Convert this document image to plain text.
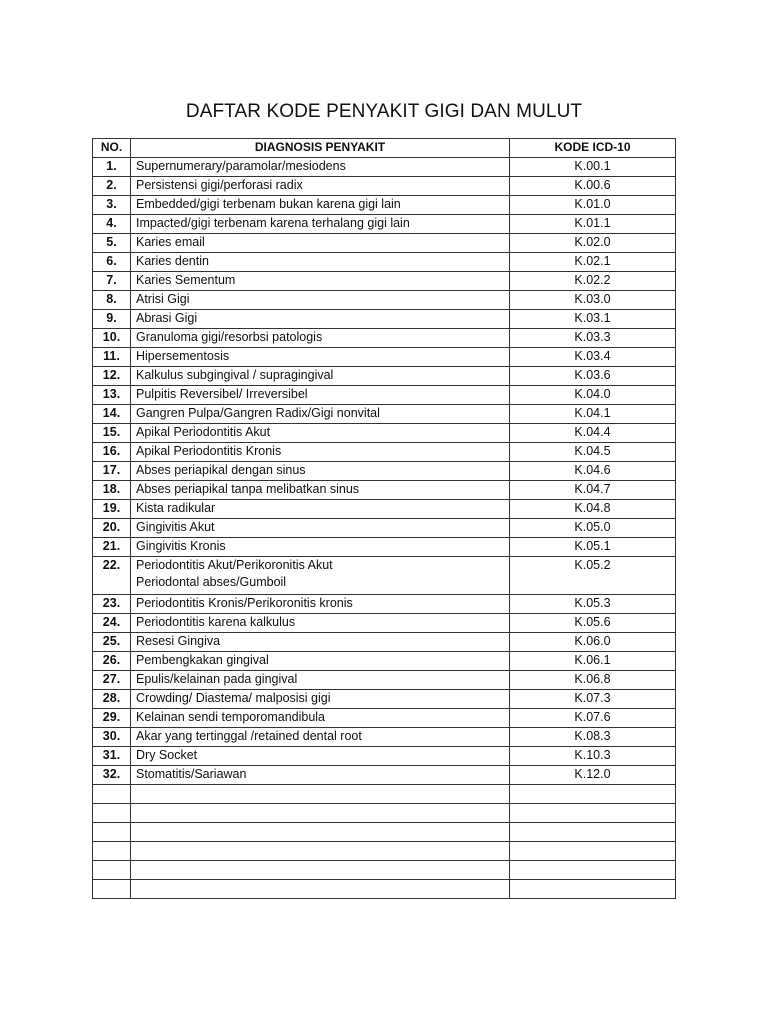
DAFTAR KODE PENYAKIT GIGI DAN MULUT
NO.	DIAGNOSIS PENYAKIT	KODE ICD-10
1.	Supernumerary/paramolar/mesiodens	K.00.1
2.	Persistensi gigi/perforasi radix	K.00.6
3.	Embedded/gigi terbenam bukan karena gigi lain	K.01.0
4.	Impacted/gigi terbenam karena terhalang gigi lain	K.01.1
5.	Karies email	K.02.0
6.	Karies dentin	K.02.1
7.	Karies Sementum	K.02.2
8.	Atrisi Gigi	K.03.0
9.	Abrasi Gigi	K.03.1
10.	Granuloma gigi/resorbsi patologis	K.03.3
11.	Hipersementosis	K.03.4
12.	Kalkulus subgingival / supragingival	K.03.6
13.	Pulpitis Reversibel/ Irreversibel	K.04.0
14.	Gangren Pulpa/Gangren Radix/Gigi nonvital	K.04.1
15.	Apikal Periodontitis Akut	K.04.4
16.	Apikal Periodontitis Kronis	K.04.5
17.	Abses periapikal dengan sinus	K.04.6
18.	Abses periapikal tanpa melibatkan sinus	K.04.7
19.	Kista radikular	K.04.8
20.	Gingivitis Akut	K.05.0
21.	Gingivitis Kronis	K.05.1
22.	Periodontitis Akut/Perikoronitis Akut
Periodontal abses/Gumboil	K.05.2
23.	Periodontitis Kronis/Perikoronitis kronis	K.05.3
24.	Periodontitis karena kalkulus	K.05.6
25.	Resesi Gingiva	K.06.0
26.	Pembengkakan gingival	K.06.1
27.	Epulis/kelainan pada gingival	K.06.8
28.	Crowding/ Diastema/ malposisi gigi	K.07.3
29.	Kelainan sendi temporomandibula	K.07.6
30.	Akar yang tertinggal /retained dental root	K.08.3
31.	Dry Socket	K.10.3
32.	Stomatitis/Sariawan	K.12.0
